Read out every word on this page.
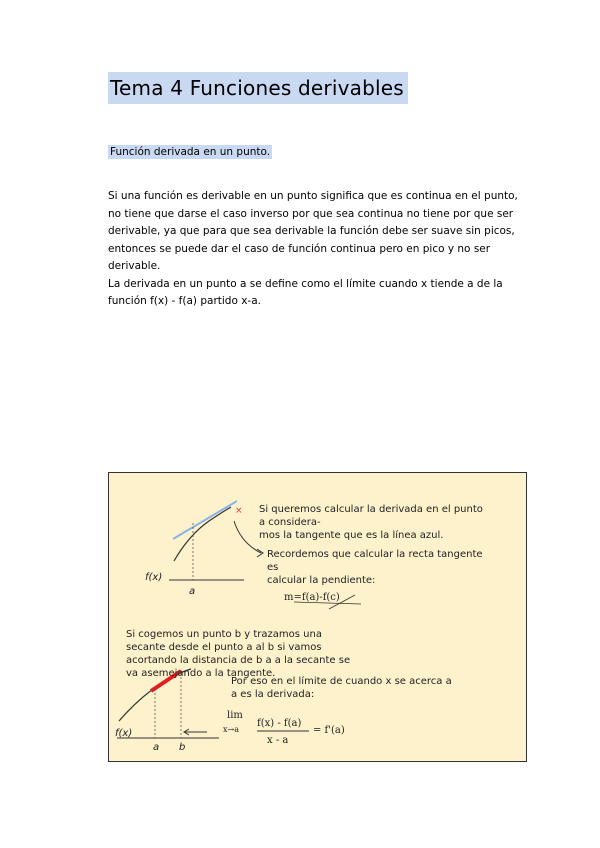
Tema 4 Funciones derivables
Función derivada en un punto.

Si una función es derivable en un punto significa que es continua en el punto, no tiene que darse el caso inverso por que sea continua no tiene por que ser derivable, ya que para que sea derivable la función debe ser suave sin picos, entonces se puede dar el caso de función continua pero en pico y no ser derivable.

La derivada en un punto a se define como el límite cuando x tiende a de la función f(x) - f(a) partido x-a.

× Si queremos calcular la derivada en el punto
a considera-
mos la tangente que es la línea azul.
Recordemos que calcular la recta tangente
es
calcular la pendiente:
m=f(a)-f(c)
f(x)
a
Si cogemos un punto b y trazamos una
secante desde el punto a al b si vamos
acortando la distancia de b a a la secante se
va asemejando a la tangente.
Por eso en el límite de cuando x se acerca a
a es la derivada:
lim
x→a
f(x) - f(a)
x - a
= f'(a)
f(x)
a b
